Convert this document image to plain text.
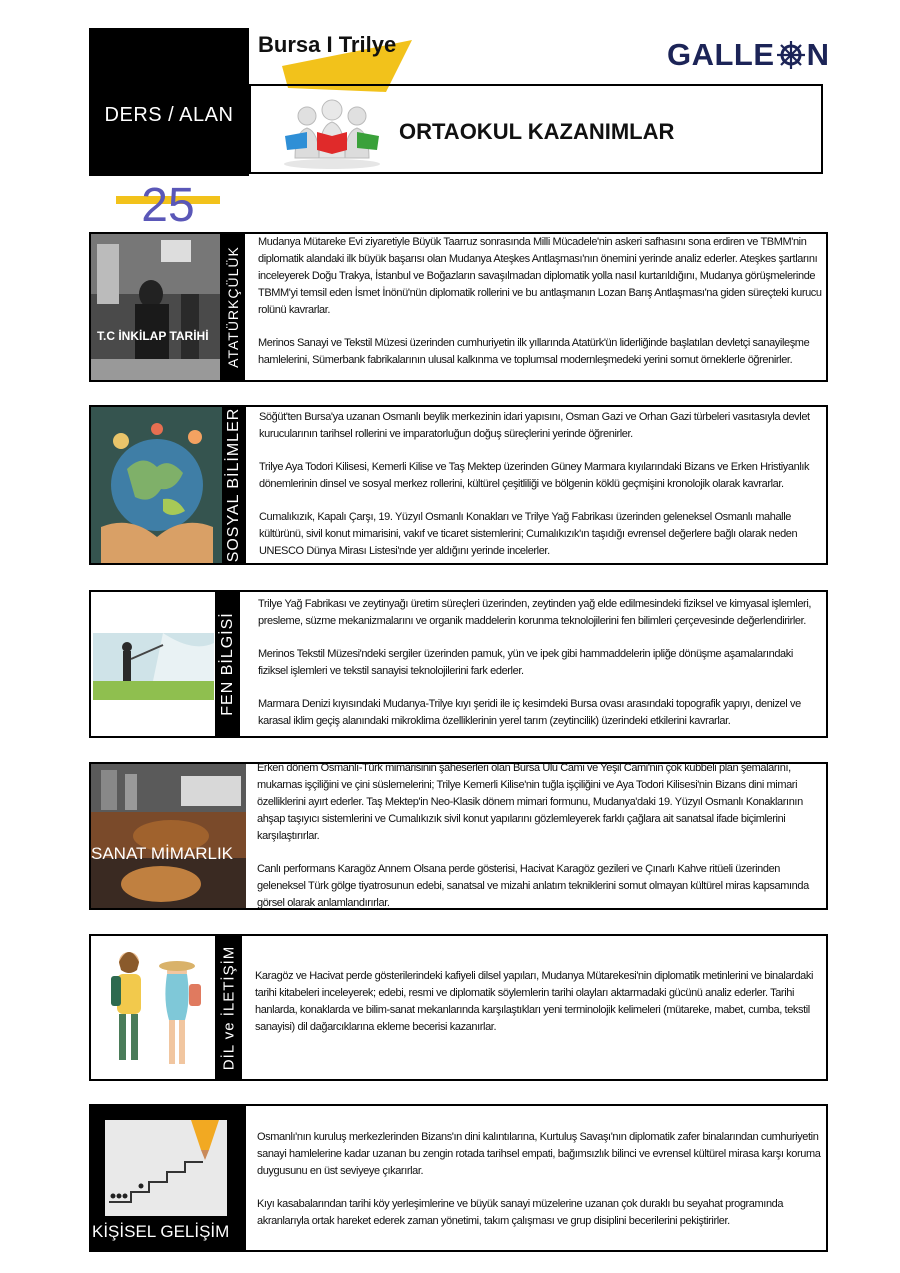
DERS / ALAN
Bursa I Trilye	GALLE N
ORTAOKUL KAZANIMLAR
25
T.C İNKİLAP TARİHİ ATATÜRKÇÜLÜK

Mudanya Mütareke Evi ziyaretiyle Büyük Taarruz sonrasında Milli Mücadele'nin askeri safhasını sona erdiren ve TBMM'nin diplomatik alandaki ilk büyük başarısı olan Mudanya Ateşkes Antlaşması'nın önemini yerinde analiz ederler. Ateşkes şartlarını inceleyerek Doğu Trakya, İstanbul ve Boğazların savaşılmadan diplomatik yolla nasıl kurtarıldığını, Mudanya görüşmelerinde TBMM'yi temsil eden İsmet İnönü'nün diplomatik rollerini ve bu antlaşmanın Lozan Barış Antlaşması'na giden süreçteki kurucu rolünü kavrarlar.

Merinos Sanayi ve Tekstil Müzesi üzerinden cumhuriyetin ilk yıllarında Atatürk'ün liderliğinde başlatılan devletçi sanayileşme hamlelerini, Sümerbank fabrikalarının ulusal kalkınma ve toplumsal modernleşmedeki yerini somut örneklerle öğrenirler.

SOSYAL BİLİMLER Söğüt'ten Bursa'ya uzanan Osmanlı beylik merkezinin idari yapısını, Osman Gazi ve Orhan Gazi türbeleri vasıtasıyla devlet kurucularının tarihsel rollerini ve imparatorluğun doğuş süreçlerini yerinde öğrenirler.

Trilye Aya Todori Kilisesi, Kemerli Kilise ve Taş Mektep üzerinden Güney Marmara kıyılarındaki Bizans ve Erken Hristiyanlık dönemlerinin dinsel ve sosyal merkez rollerini, kültürel çeşitliliği ve bölgenin köklü geçmişini kronolojik olarak kavrarlar.

Cumalıkızık, Kapalı Çarşı, 19. Yüzyıl Osmanlı Konakları ve Trilye Yağ Fabrikası üzerinden geleneksel Osmanlı mahalle kültürünü, sivil konut mimarisini, vakıf ve ticaret sistemlerini; Cumalıkızık'ın taşıdığı evrensel değerlere bağlı olarak neden UNESCO Dünya Mirası Listesi'nde yer aldığını yerinde incelerler.

FEN BİLGİSİ

Trilye Yağ Fabrikası ve zeytinyağı üretim süreçleri üzerinden, zeytinden yağ elde edilmesindeki fiziksel ve kimyasal işlemleri, presleme, süzme mekanizmalarını ve organik maddelerin korunma teknolojilerini fen bilimleri çerçevesinde değerlendirirler.

Merinos Tekstil Müzesi'ndeki sergiler üzerinden pamuk, yün ve ipek gibi hammaddelerin ipliğe dönüşme aşamalarındaki fiziksel işlemleri ve tekstil sanayisi teknolojilerini fark ederler.

Marmara Denizi kıyısındaki Mudanya-Trilye kıyı şeridi ile iç kesimdeki Bursa ovası arasındaki topografik yapıyı, denizel ve karasal iklim geçiş alanındaki mikroklima özelliklerinin yerel tarım (zeytincilik) üzerindeki etkilerini kavrarlar.

SANAT MİMARLIK

Erken dönem Osmanlı-Türk mimarisinin şaheserleri olan Bursa Ulu Cami ve Yeşil Cami'nin çok kubbeli plan şemalarını, mukarnas işçiliğini ve çini süslemelerini; Trilye Kemerli Kilise'nin tuğla işçiliğini ve Aya Todori Kilisesi'nin Bizans dini mimari özelliklerini ayırt ederler. Taş Mektep'in Neo-Klasik dönem mimari formunu, Mudanya'daki 19. Yüzyıl Osmanlı Konaklarının ahşap taşıyıcı sistemlerini ve Cumalıkızık sivil konut yapılarını gözlemleyerek farklı çağlara ait sanatsal ifade biçimlerini karşılaştırırlar.

Canlı performans Karagöz Annem Olsana perde gösterisi, Hacivat Karagöz gezileri ve Çınarlı Kahve ritüeli üzerinden geleneksel Türk gölge tiyatrosunun edebi, sanatsal ve mizahi anlatım tekniklerini somut olmayan kültürel miras kapsamında görsel olarak anlamlandırırlar.

DİL ve İLETİŞİM Karagöz ve Hacivat perde gösterilerindeki kafiyeli dilsel yapıları, Mudanya Mütarekesi'nin diplomatik metinlerini ve binalardaki tarihi kitabeleri inceleyerek; edebi, resmi ve diplomatik söylemlerin tarihi olayları aktarmadaki gücünü analiz ederler. Tarihi hanlarda, konaklarda ve bilim-sanat mekanlarında karşılaştıkları yeni terminolojik kelimeleri (mütareke, mabet, cumba, tekstil sanayisi) dil dağarcıklarına ekleme becerisi kazanırlar.

KİŞİSEL GELİŞİM

Osmanlı'nın kuruluş merkezlerinden Bizans'ın dini kalıntılarına, Kurtuluş Savaşı'nın diplomatik zafer binalarından cumhuriyetin sanayi hamlelerine kadar uzanan bu zengin rotada tarihsel empati, bağımsızlık bilinci ve evrensel kültürel mirasa karşı koruma duygusunu en üst seviyeye çıkarırlar.

Kıyı kasabalarından tarihi köy yerleşimlerine ve büyük sanayi müzelerine uzanan çok duraklı bu seyahat programında akranlarıyla ortak hareket ederek zaman yönetimi, takım çalışması ve grup disiplini becerilerini pekiştirirler.
